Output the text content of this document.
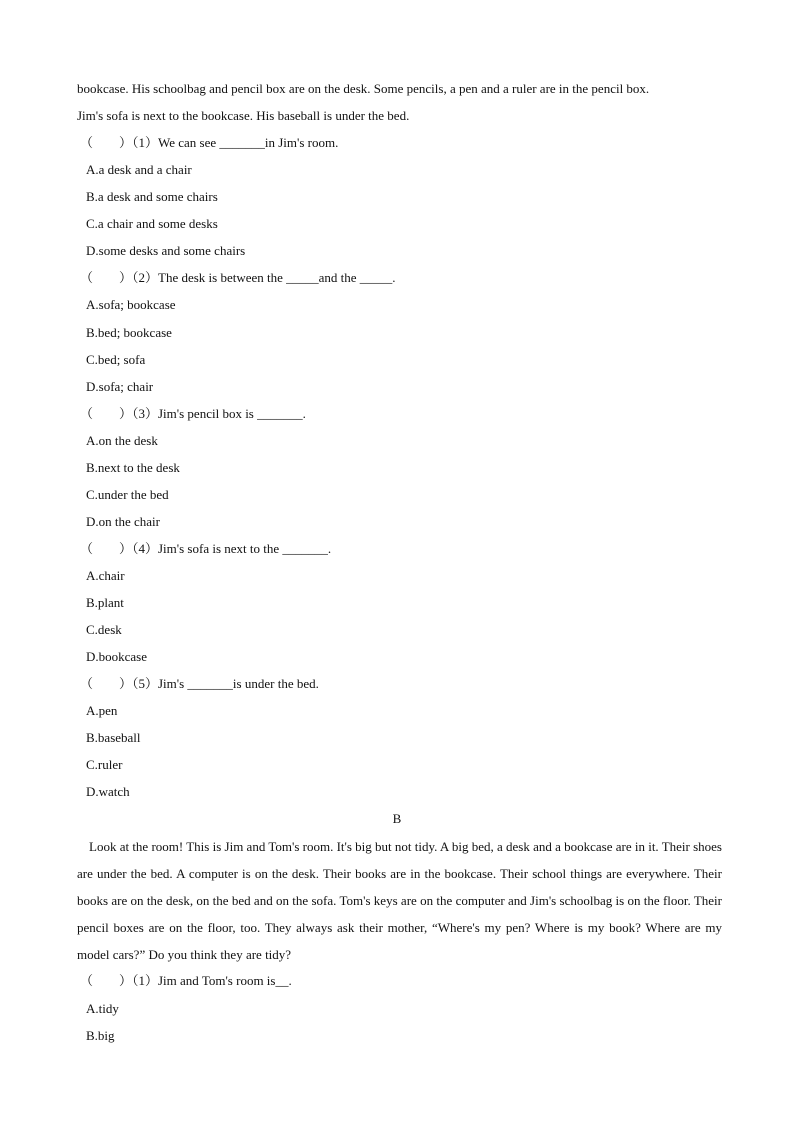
bookcase. His schoolbag and pencil box are on the desk. Some pencils, a pen and a ruler are in the pencil box.
Jim's sofa is next to the bookcase. His baseball is under the bed.
（　　）（1）We can see _______in Jim's room.
A.a desk and a chair
B.a desk and some chairs
C.a chair and some desks
D.some desks and some chairs
（　　）（2）The desk is between the _____and the _____.
A.sofa; bookcase
B.bed; bookcase
C.bed; sofa
D.sofa; chair
（　　）（3）Jim's pencil box is _______.
A.on the desk
B.next to the desk
C.under the bed
D.on the chair
（　　）（4）Jim's sofa is next to the _______.
A.chair
B.plant
C.desk
D.bookcase
（　　）（5）Jim's _______is under the bed.
A.pen
B.baseball
C.ruler
D.watch
B
Look at the room! This is Jim and Tom's room. It's big but not tidy. A big bed, a desk and a bookcase are in it. Their shoes are under the bed. A computer is on the desk. Their books are in the bookcase. Their school things are everywhere. Their books are on the desk, on the bed and on the sofa. Tom's keys are on the computer and Jim's schoolbag is on the floor. Their pencil boxes are on the floor, too. They always ask their mother, “Where's my pen? Where is my book? Where are my model cars?” Do you think they are tidy?
（　　）（1）Jim and Tom's room is__.
A.tidy
B.big
